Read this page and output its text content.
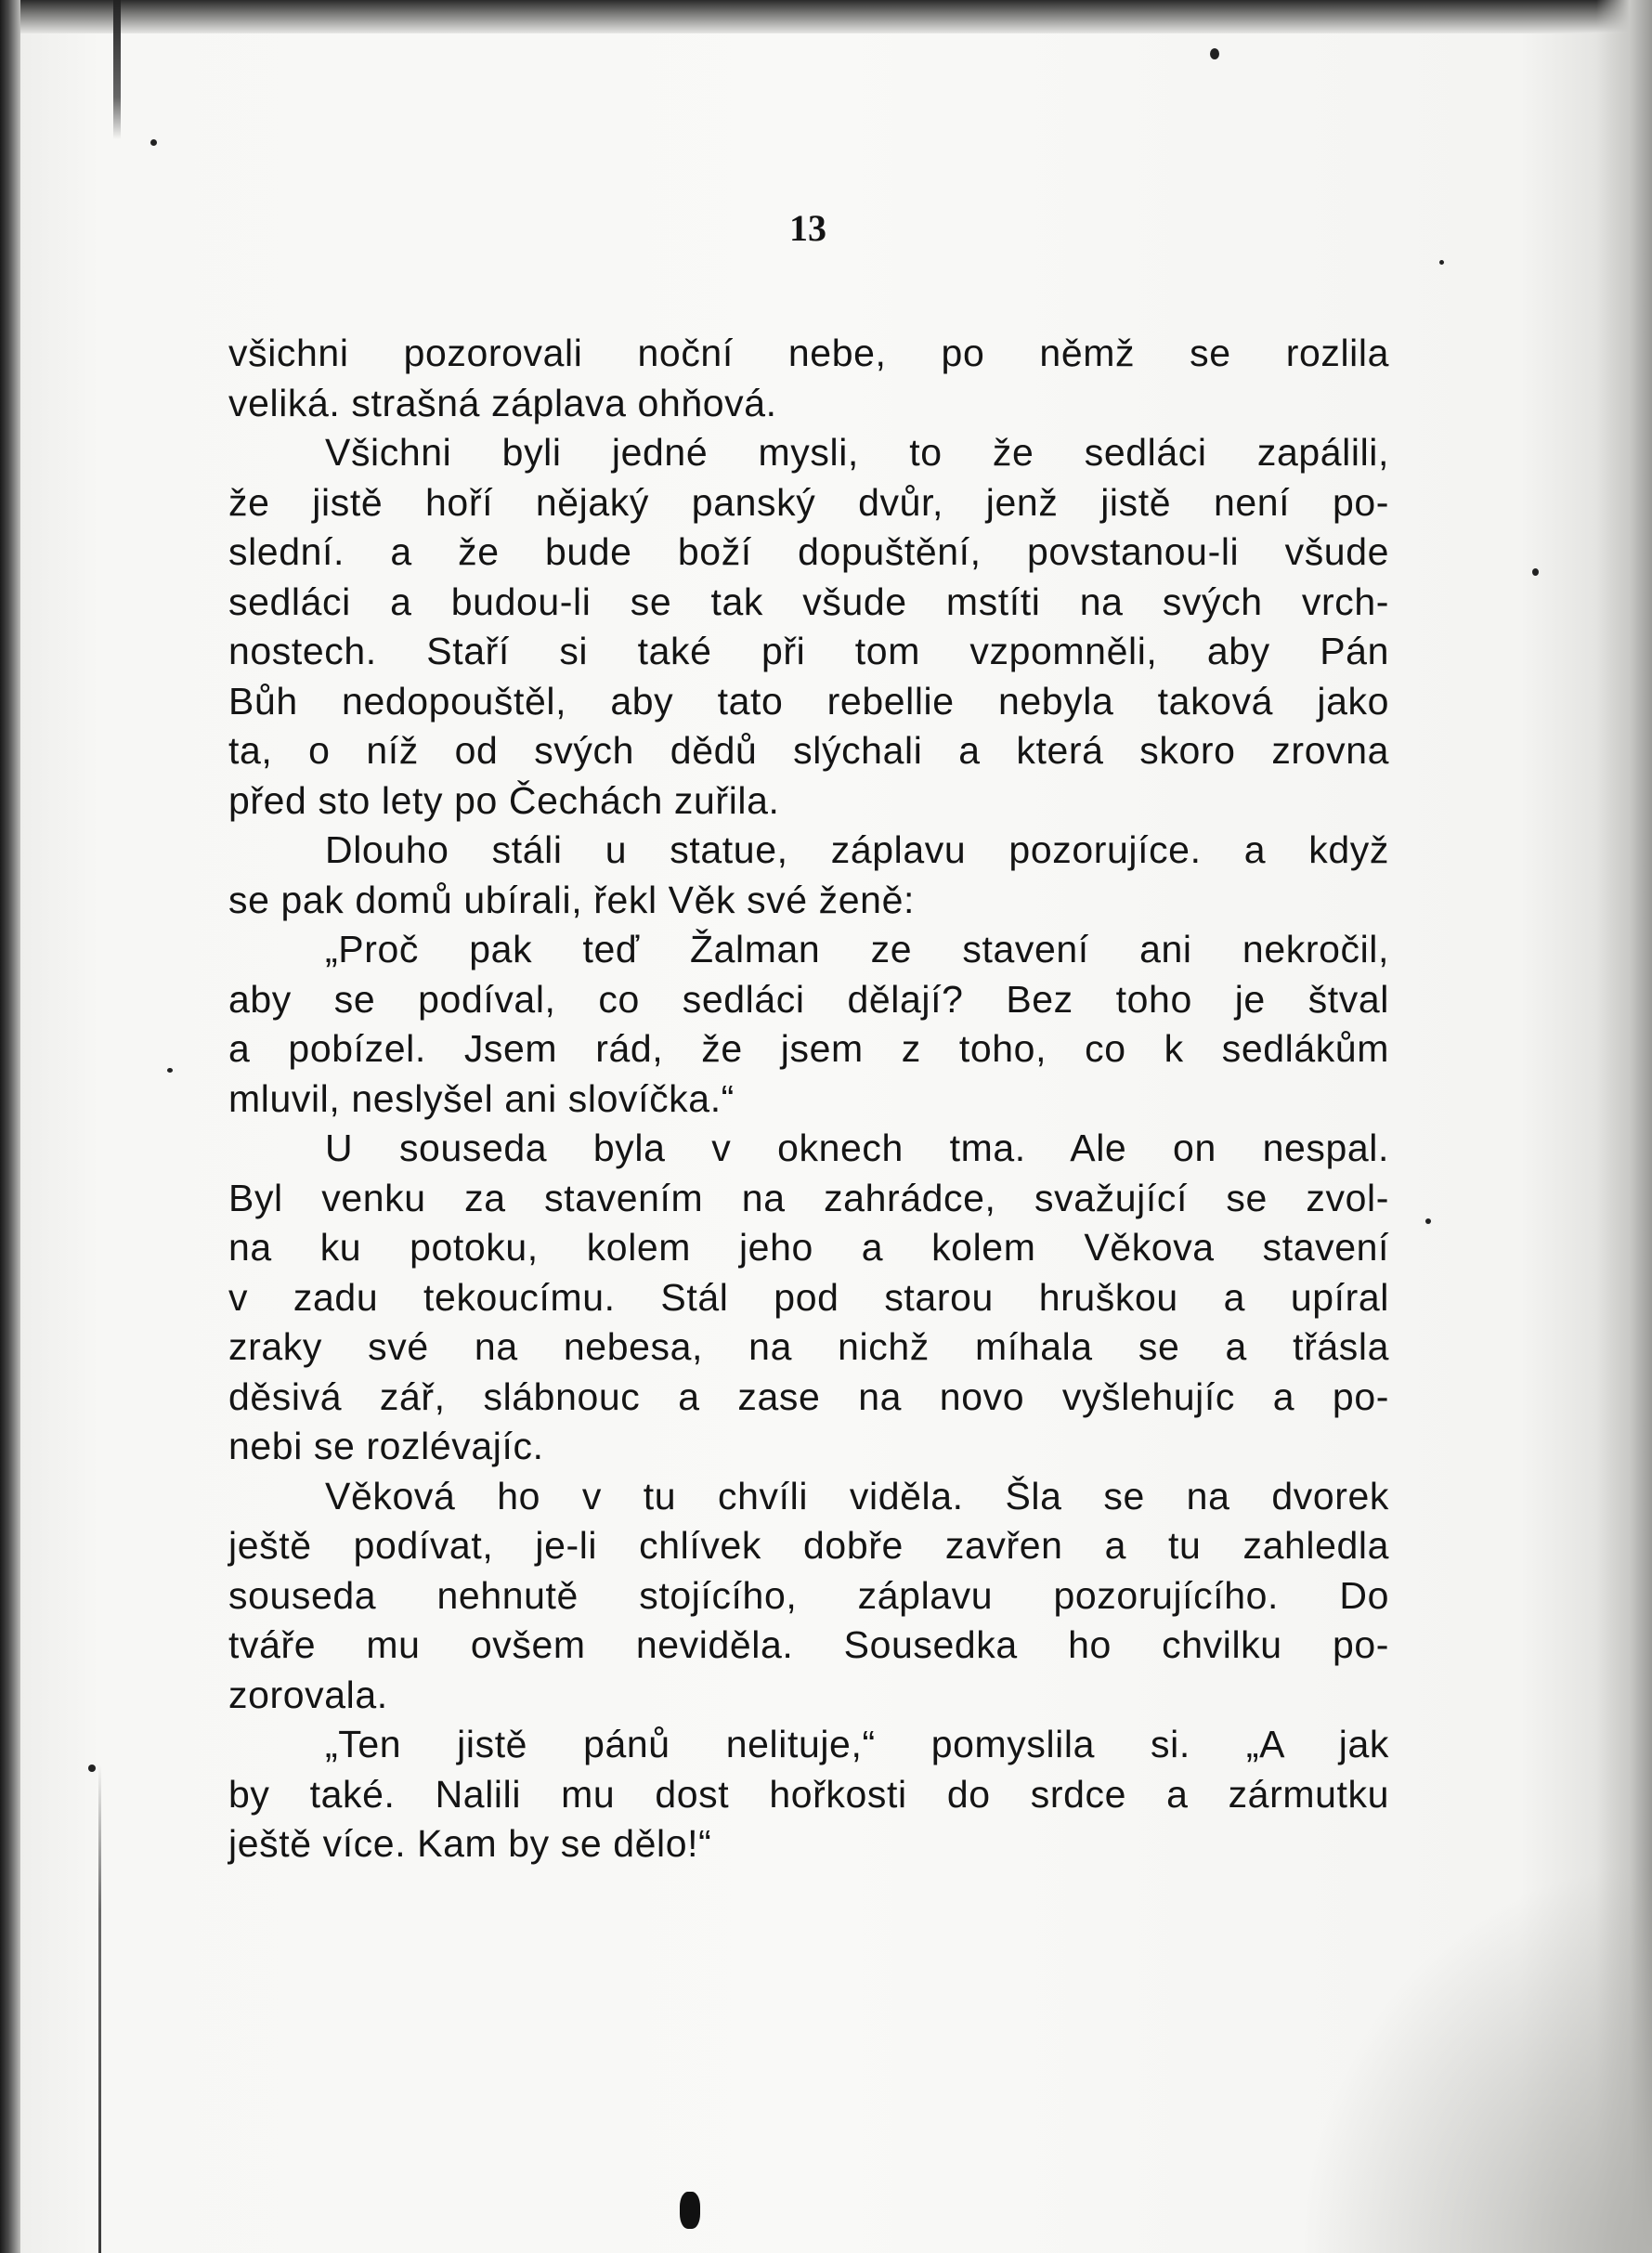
13
všichni pozorovali noční nebe, po němž se rozlila
veliká. strašná záplava ohňová.
Všichni byli jedné mysli, to že sedláci zapálili,
že jistě hoří nějaký panský dvůr, jenž jistě není po-
slední. a že bude boží dopuštění, povstanou-li všude
sedláci a budou-li se tak všude mstíti na svých vrch-
nostech. Staří si také při tom vzpomněli, aby Pán
Bůh nedopouštěl, aby tato rebellie nebyla taková jako
ta, o níž od svých dědů slýchali a která skoro zrovna
před sto lety po Čechách zuřila.
Dlouho stáli u statue, záplavu pozorujíce. a když
se pak domů ubírali, řekl Věk své ženě:
„Proč pak teď Žalman ze stavení ani nekročil,
aby se podíval, co sedláci dělají? Bez toho je štval
a pobízel. Jsem rád, že jsem z toho, co k sedlákům
mluvil, neslyšel ani slovíčka.“
U souseda byla v oknech tma. Ale on nespal.
Byl venku za stavením na zahrádce, svažující se zvol-
na ku potoku, kolem jeho a kolem Věkova stavení
v zadu tekoucímu. Stál pod starou hruškou a upíral
zraky své na nebesa, na nichž míhala se a třásla
děsivá zář, slábnouc a zase na novo vyšlehujíc a po-
nebi se rozlévajíc.
Věková ho v tu chvíli viděla. Šla se na dvorek
ještě podívat, je-li chlívek dobře zavřen a tu zahledla
souseda nehnutě stojícího, záplavu pozorujícího. Do
tváře mu ovšem neviděla. Sousedka ho chvilku po-
zorovala.
„Ten jistě pánů nelituje,“ pomyslila si. „A jak
by také. Nalili mu dost hořkosti do srdce a zármutku
ještě více. Kam by se dělo!“
